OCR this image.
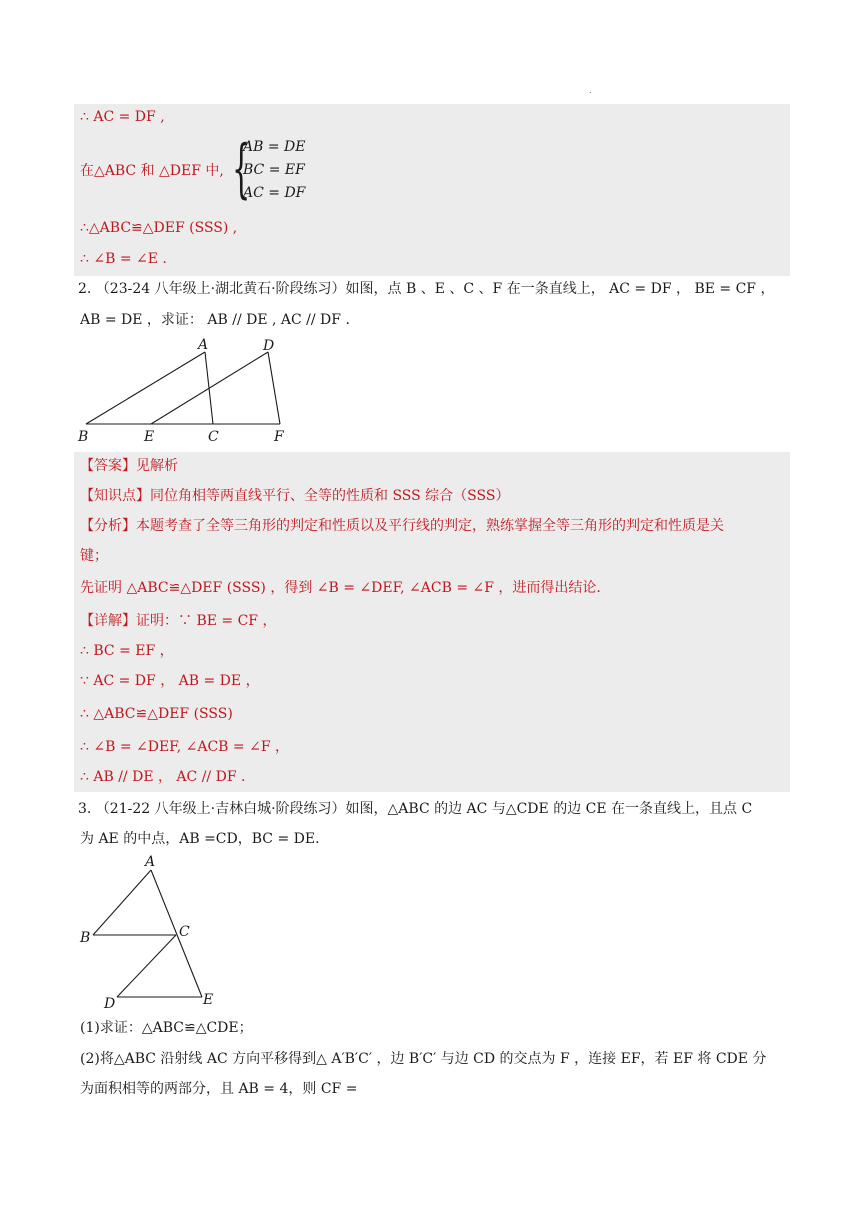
.
∴ AC = DF ,
在△ABC 和 △DEF 中, {
AB = DE
BC = EF
AC = DF
∴△ABC≌△DEF (SSS) ,
∴ ∠B = ∠E .
2. （23-24 八年级上·湖北黄石·阶段练习）如图，点 B 、E 、C 、F 在一条直线上， AC = DF ， BE = CF ，
AB = DE ，求证： AB // DE , AC // DF .
A	D
B	E	C	F
【答案】见解析
【知识点】同位角相等两直线平行、全等的性质和 SSS 综合（SSS）
【分析】本题考查了全等三角形的判定和性质以及平行线的判定，熟练掌握全等三角形的判定和性质是关
键；
先证明 △ABC≌△DEF (SSS) ，得到 ∠B = ∠DEF, ∠ACB = ∠F ，进而得出结论.
【详解】证明：∵ BE = CF ，
∴ BC = EF ，
∵ AC = DF ， AB = DE ，
∴ △ABC≌△DEF (SSS)
∴ ∠B = ∠DEF, ∠ACB = ∠F ，
∴ AB // DE ， AC // DF .
3. （21-22 八年级上·吉林白城·阶段练习）如图，△ABC 的边 AC 与△CDE 的边 CE 在一条直线上，且点 C
为 AE 的中点，AB =CD，BC = DE.
A
B	C
D	E
(1)求证：△ABC≌△CDE；
(2)将△ABC 沿射线 AC 方向平移得到△ A′B′C′ ，边 B′C′ 与边 CD 的交点为 F ，连接 EF，若 EF 将 CDE 分
为面积相等的两部分，且 AB = 4，则 CF =
